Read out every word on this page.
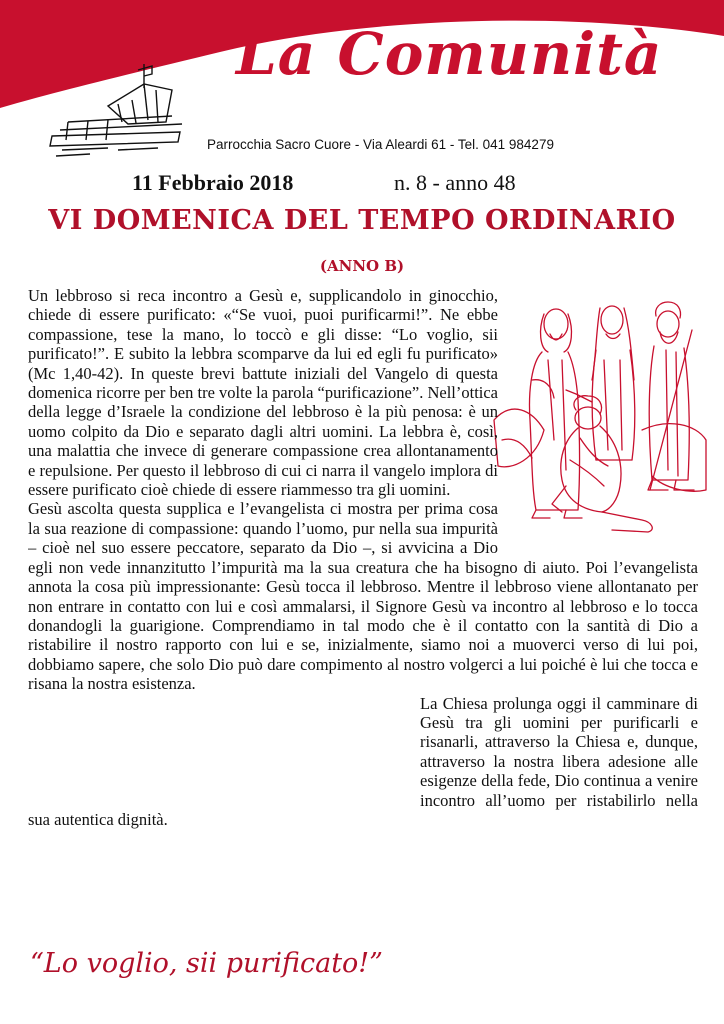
La Comunità
Parrocchia Sacro Cuore - Via Aleardi 61 - Tel. 041 984279
11 Febbraio 2018	n. 8 - anno 48
VI DOMENICA DEL TEMPO ORDINARIO
(ANNO B)

Un lebbroso si reca incontro a Gesù e, supplicandolo in ginocchio, chiede di essere purificato: «“Se vuoi, puoi purificarmi!”. Ne ebbe compassione, tese la mano, lo toccò e gli disse: “Lo voglio, sii purificato!”. E subito la lebbra scomparve da lui ed egli fu purificato» (Mc 1,40-42). In queste brevi battute iniziali del Vangelo di questa domenica ricorre per ben tre volte la parola “purificazione”. Nell’ottica della legge d’Israele la condizione del lebbroso è la più penosa: è un uomo colpito da Dio e separato dagli altri uomini. La lebbra è, così, una malattia che invece di generare compassione crea allontanamento e repulsione. Per questo il lebbroso di cui ci narra il vangelo implora di essere purificato cioè chiede di essere riammesso tra gli uomini.

Gesù ascolta questa supplica e l’evangelista ci mostra per prima cosa la sua reazione di compassione: quando l’uomo, pur nella sua impurità – cioè nel suo essere peccatore, separato da Dio –, si avvicina a Dio egli non vede innanzitutto l’impurità ma la sua creatura che ha bisogno di aiuto. Poi l’evangelista annota la cosa più impressionante: Gesù tocca il lebbroso. Mentre il lebbroso viene allontanato per non entrare in contatto con lui e così ammalarsi, il Signore Gesù va incontro al lebbroso e lo tocca donandogli la guarigione. Comprendiamo in tal modo che è il contatto con la santità di Dio a ristabilire il nostro rapporto con lui e se, inizialmente, siamo noi a muoverci verso di lui poi, dobbiamo sapere, che solo Dio può dare compimento al nostro volgerci a lui poiché è lui che tocca e risana la nostra esistenza.

La Chiesa prolunga oggi il camminare di Gesù tra gli uomini per purificarli e risanarli, attraverso la Chiesa e, dunque, attraverso la nostra libera adesione alle esigenze della fede, Dio continua a venire incontro all’uomo per ristabilirlo nella sua autentica dignità.

“Lo voglio, sii purificato!”
